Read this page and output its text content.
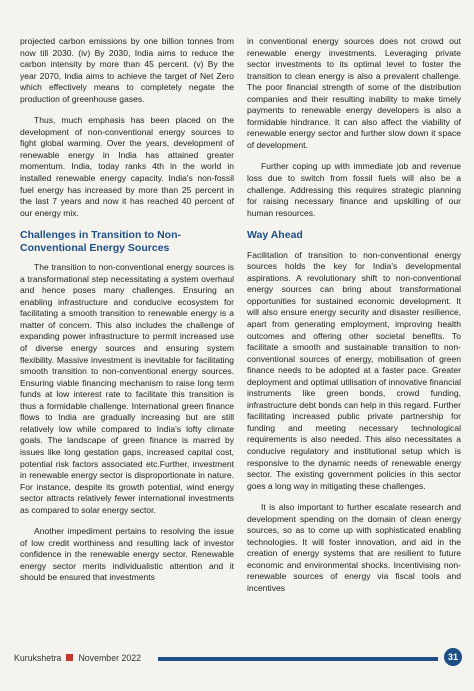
projected carbon emissions by one billion tonnes from now till 2030. (iv) By 2030, India aims to reduce the carbon intensity by more than 45 percent. (v) By the year 2070, India aims to achieve the target of Net Zero which effectively means to completely negate the production of greenhouse gases.

Thus, much emphasis has been placed on the development of non-conventional energy sources to fight global warming. Over the years, development of renewable energy in India has attained greater momentum. India, today ranks 4th in the world in installed renewable energy capacity. India's non-fossil fuel energy has increased by more than 25 percent in the last 7 years and now it has reached 40 percent of our energy mix.

Challenges in Transition to Non-Conventional Energy Sources

The transition to non-conventional energy sources is a transformational step necessitating a system overhaul and hence poses many challenges. Ensuring an enabling infrastructure and conducive ecosystem for facilitating a smooth transition to renewable energy is a matter of concern. This also includes the challenge of expanding power infrastructure to permit increased use of diverse energy sources and ensuring system flexibility. Massive investment is inevitable for facilitating smooth transition to non-conventional energy sources. Ensuring viable financing mechanism to raise long term funds at low interest rate to facilitate this transition is thus a formidable challenge. International green finance flows to India are gradually increasing but are still relatively low while compared to India's lofty climate goals. The landscape of green finance is marred by issues like long gestation gaps, increased capital cost, potential risk factors associated etc.Further, investment in renewable energy sector is disproportionate in nature. For instance, despite its growth potential, wind energy sector attracts relatively fewer international investments as compared to solar energy sector.

Another impediment pertains to resolving the issue of low credit worthiness and resulting lack of investor confidence in the renewable energy sector. Renewable energy sector merits individualistic attention and it should be ensured that investments

in conventional energy sources does not crowd out renewable energy investments. Leveraging private sector investments to its optimal level to foster the transition to clean energy is also a prevalent challenge. The poor financial strength of some of the distribution companies and their resulting inability to make timely payments to renewable energy developers is also a formidable hindrance. It can also affect the viability of renewable energy sector and further slow down it space of development.

Further coping up with immediate job and revenue loss due to switch from fossil fuels will also be a challenge. Addressing this requires strategic planning for raising necessary finance and upskilling of our human resources.

Way Ahead

Facilitation of transition to non-conventional energy sources holds the key for India's developmental aspirations. A revolutionary shift to non-conventional energy sources can bring about transformational opportunities for sustained economic development. It will also ensure energy security and disaster resilience, apart from generating employment, improving health outcomes and offering other societal benefits. To facilitate a smooth and sustainable transition to non-conventional sources of energy, mobilisation of green finance needs to be adopted at a faster pace. Greater deployment and optimal utilisation of innovative financial instruments like green bonds, crowd funding, infrastructure debt bonds can help in this regard. Further facilitating increased public private partnership for funding and meeting necessary technological requirements is also needed. This also necessitates a conducive regulatory and institutional setup which is responsive to the dynamic needs of renewable energy sector. The existing government policies in this sector goes a long way in mitigating these challenges.

It is also important to further escalate research and development spending on the domain of clean energy sources, so as to come up with sophisticated enabling technologies. It will foster innovation, and aid in the creation of energy systems that are resilient to future economic and environmental shocks. Incentivising non-renewable sources of energy via fiscal tools and incentives

Kurukshetra November 2022	31
